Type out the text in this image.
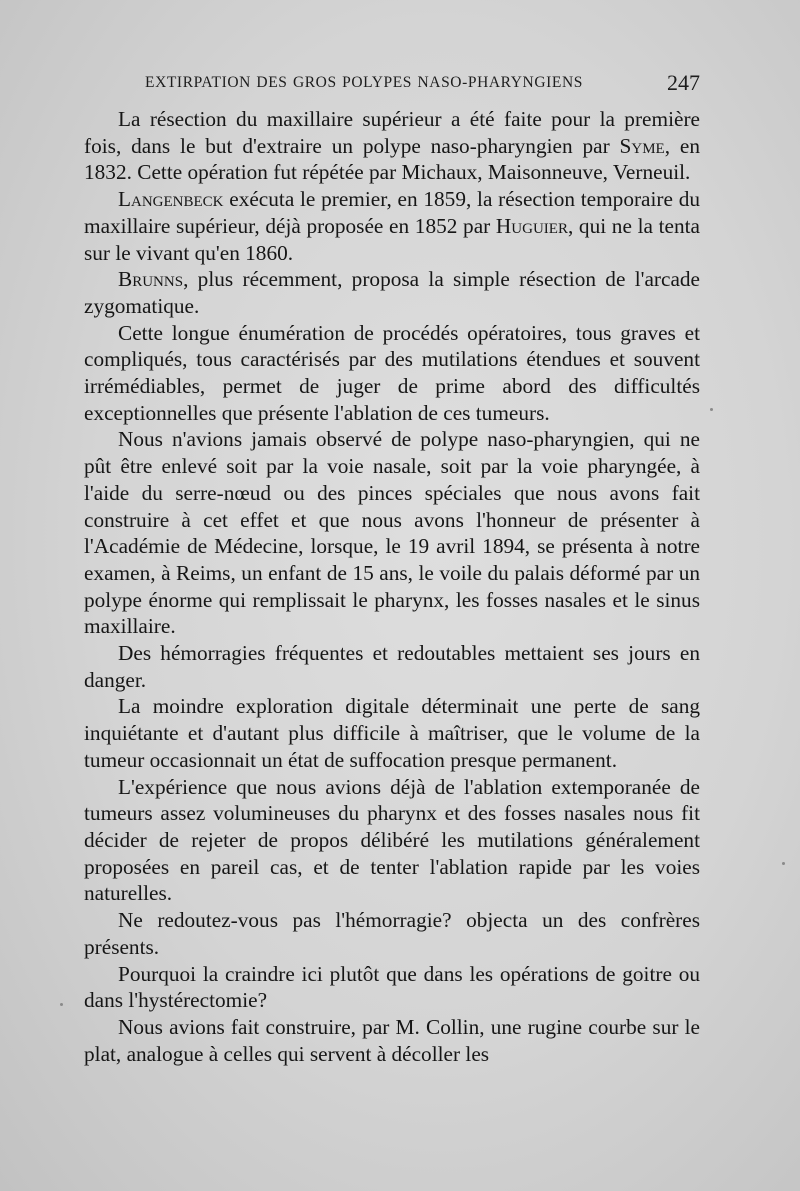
EXTIRPATION DES GROS POLYPES NASO-PHARYNGIENS	247

La résection du maxillaire supérieur a été faite pour la première fois, dans le but d'extraire un polype naso-pharyngien par Syme, en 1832. Cette opération fut répétée par Michaux, Maisonneuve, Verneuil.

Langenbeck exécuta le premier, en 1859, la résection temporaire du maxillaire supérieur, déjà proposée en 1852 par Huguier, qui ne la tenta sur le vivant qu'en 1860.

Brunns, plus récemment, proposa la simple résection de l'arcade zygomatique.

Cette longue énumération de procédés opératoires, tous graves et compliqués, tous caractérisés par des mutilations étendues et souvent irrémédiables, permet de juger de prime abord des difficultés exceptionnelles que présente l'ablation de ces tumeurs.

Nous n'avions jamais observé de polype naso-pharyngien, qui ne pût être enlevé soit par la voie nasale, soit par la voie pharyngée, à l'aide du serre-nœud ou des pinces spéciales que nous avons fait construire à cet effet et que nous avons l'honneur de présenter à l'Académie de Médecine, lorsque, le 19 avril 1894, se présenta à notre examen, à Reims, un enfant de 15 ans, le voile du palais déformé par un polype énorme qui remplissait le pharynx, les fosses nasales et le sinus maxillaire.

Des hémorragies fréquentes et redoutables mettaient ses jours en danger.

La moindre exploration digitale déterminait une perte de sang inquiétante et d'autant plus difficile à maîtriser, que le volume de la tumeur occasionnait un état de suffocation presque permanent.

L'expérience que nous avions déjà de l'ablation extemporanée de tumeurs assez volumineuses du pharynx et des fosses nasales nous fit décider de rejeter de propos délibéré les mutilations généralement proposées en pareil cas, et de tenter l'ablation rapide par les voies naturelles.

Ne redoutez-vous pas l'hémorragie? objecta un des confrères présents.

Pourquoi la craindre ici plutôt que dans les opérations de goitre ou dans l'hystérectomie?

Nous avions fait construire, par M. Collin, une rugine courbe sur le plat, analogue à celles qui servent à décoller les
